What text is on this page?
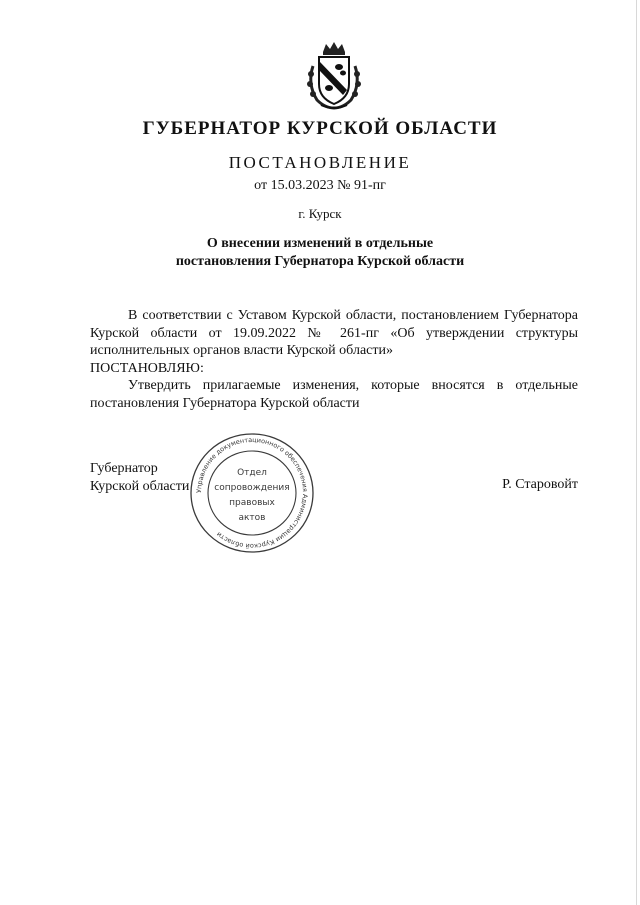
ГУБЕРНАТОР КУРСКОЙ ОБЛАСТИ
ПОСТАНОВЛЕНИЕ
от 15.03.2023 № 91-пг
г. Курск
О внесении изменений в отдельные
постановления Губернатора Курской области

В соответствии с Уставом Курской области, постановлением Губернатора Курской области от 19.09.2022 № 261-пг «Об утверждении структуры исполнительных органов власти Курской области»

ПОСТАНОВЛЯЮ:

Утвердить прилагаемые изменения, которые вносятся в отдельные постановления Губернатора Курской области

Губернатор
Курской области Управление документационного обеспечения Администрации Курской области
Отдел
сопровождения
правовых
актов
Р. Старовойт
